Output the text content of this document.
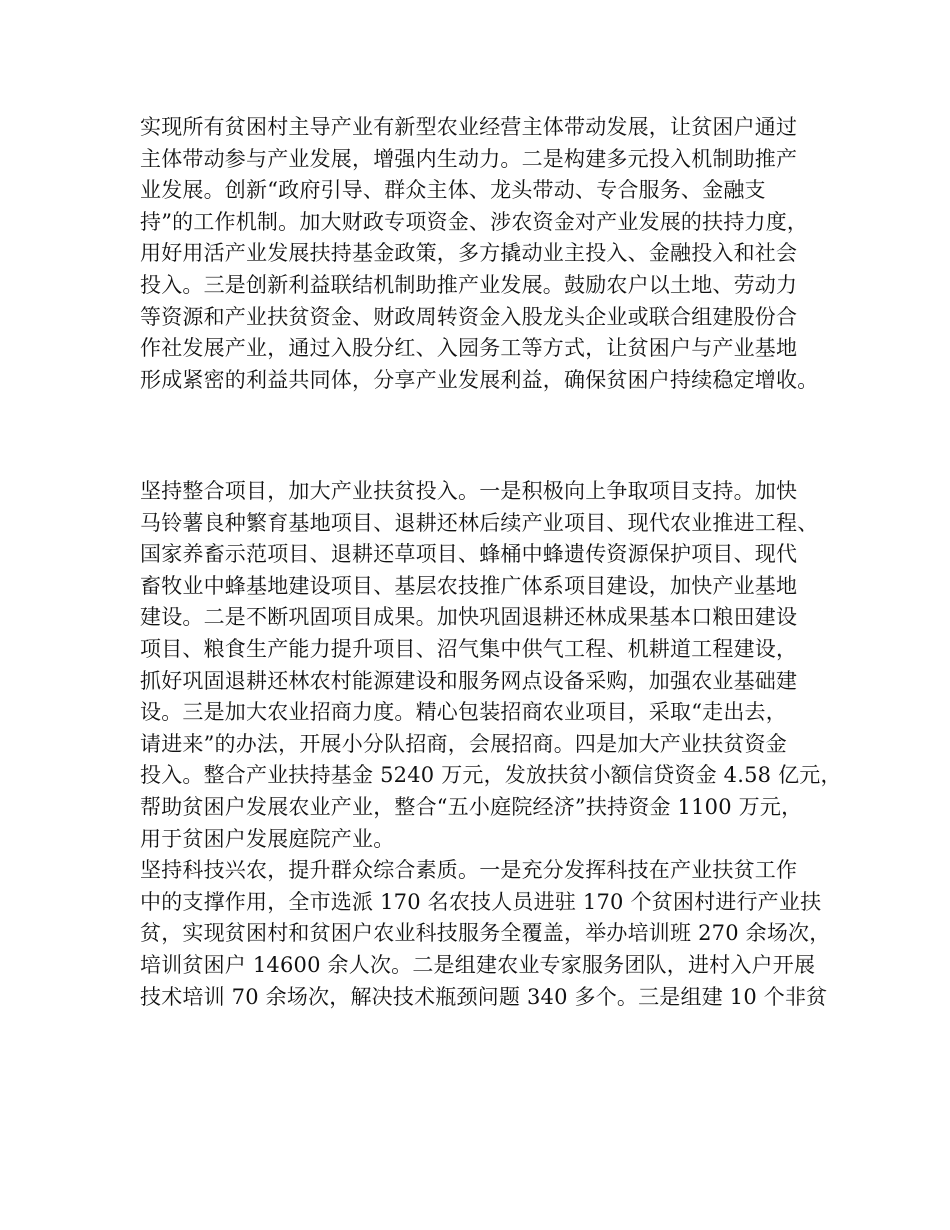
实现所有贫困村主导产业有新型农业经营主体带动发展，让贫困户通过
主体带动参与产业发展，增强内生动力。二是构建多元投入机制助推产
业发展。创新“政府引导、群众主体、龙头带动、专合服务、金融支
持”的工作机制。加大财政专项资金、涉农资金对产业发展的扶持力度，
用好用活产业发展扶持基金政策，多方撬动业主投入、金融投入和社会
投入。三是创新利益联结机制助推产业发展。鼓励农户以土地、劳动力
等资源和产业扶贫资金、财政周转资金入股龙头企业或联合组建股份合
作社发展产业，通过入股分红、入园务工等方式，让贫困户与产业基地
形成紧密的利益共同体，分享产业发展利益，确保贫困户持续稳定增收。
坚持整合项目，加大产业扶贫投入。一是积极向上争取项目支持。加快
马铃薯良种繁育基地项目、退耕还林后续产业项目、现代农业推进工程、
国家养畜示范项目、退耕还草项目、蜂桶中蜂遗传资源保护项目、现代
畜牧业中蜂基地建设项目、基层农技推广体系项目建设，加快产业基地
建设。二是不断巩固项目成果。加快巩固退耕还林成果基本口粮田建设
项目、粮食生产能力提升项目、沼气集中供气工程、机耕道工程建设，
抓好巩固退耕还林农村能源建设和服务网点设备采购，加强农业基础建
设。三是加大农业招商力度。精心包装招商农业项目，采取“走出去，
请进来”的办法，开展小分队招商，会展招商。四是加大产业扶贫资金
投入。整合产业扶持基金 5240 万元，发放扶贫小额信贷资金 4.58 亿元，
帮助贫困户发展农业产业，整合“五小庭院经济”扶持资金 1100 万元，
用于贫困户发展庭院产业。
坚持科技兴农，提升群众综合素质。一是充分发挥科技在产业扶贫工作
中的支撑作用，全市选派 170 名农技人员进驻 170 个贫困村进行产业扶
贫，实现贫困村和贫困户农业科技服务全覆盖，举办培训班 270 余场次，
培训贫困户 14600 余人次。二是组建农业专家服务团队，进村入户开展
技术培训 70 余场次，解决技术瓶颈问题 340 多个。三是组建 10 个非贫
